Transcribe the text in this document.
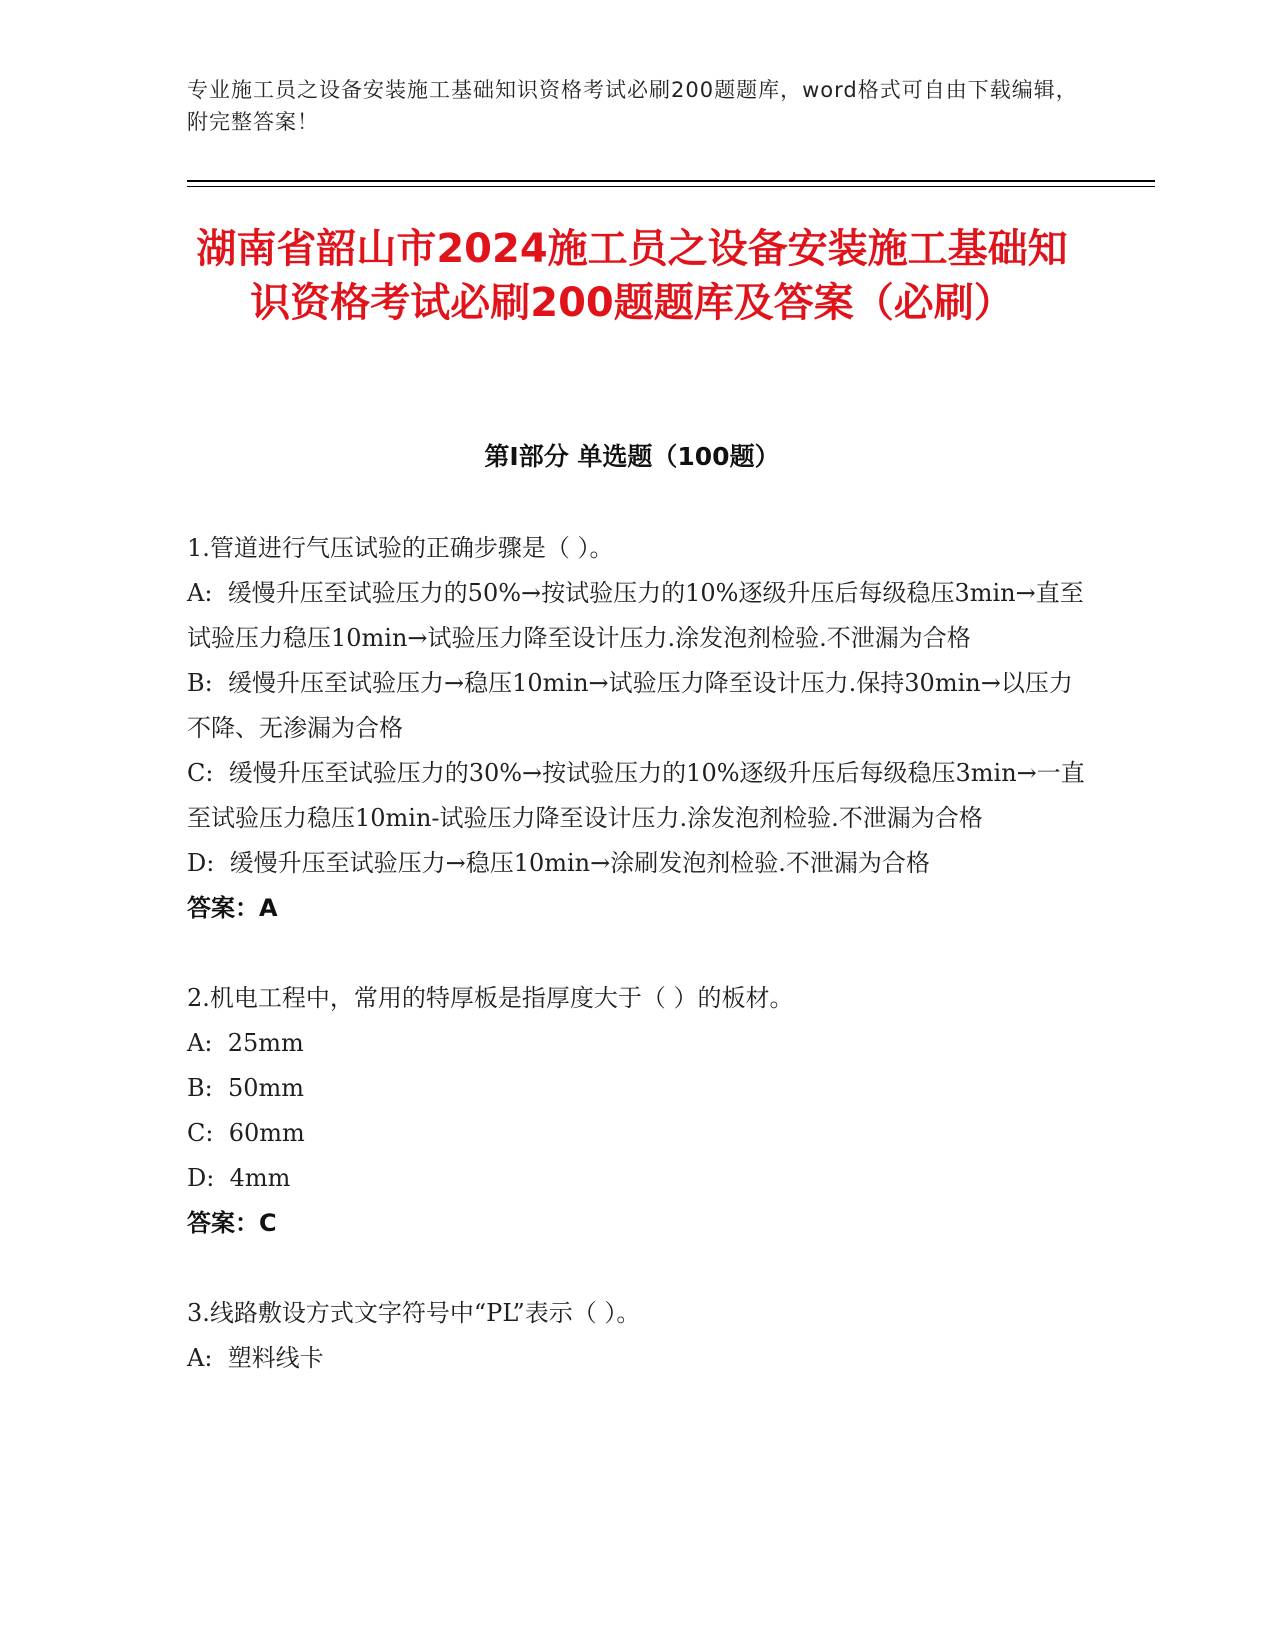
专业施工员之设备安装施工基础知识资格考试必刷200题题库，word格式可自由下载编辑，附完整答案！
湖南省韶山市2024施工员之设备安装施工基础知识资格考试必刷200题题库及答案（必刷）
第I部分 单选题（100题）

1.管道进行气压试验的正确步骤是（ ）。

A: 缓慢升压至试验压力的50%→按试验压力的10%逐级升压后每级稳压3min→直至试验压力稳压10min→试验压力降至设计压力.涂发泡剂检验.不泄漏为合格

B: 缓慢升压至试验压力→稳压10min→试验压力降至设计压力.保持30min→以压力不降、无渗漏为合格

C: 缓慢升压至试验压力的30%→按试验压力的10%逐级升压后每级稳压3min→一直至试验压力稳压10min-试验压力降至设计压力.涂发泡剂检验.不泄漏为合格

D: 缓慢升压至试验压力→稳压10min→涂刷发泡剂检验.不泄漏为合格

答案：A

2.机电工程中，常用的特厚板是指厚度大于（ ）的板材。

A: 25mm

B: 50mm

C: 60mm

D: 4mm

答案：C

3.线路敷设方式文字符号中“PL”表示（ ）。

A: 塑料线卡
